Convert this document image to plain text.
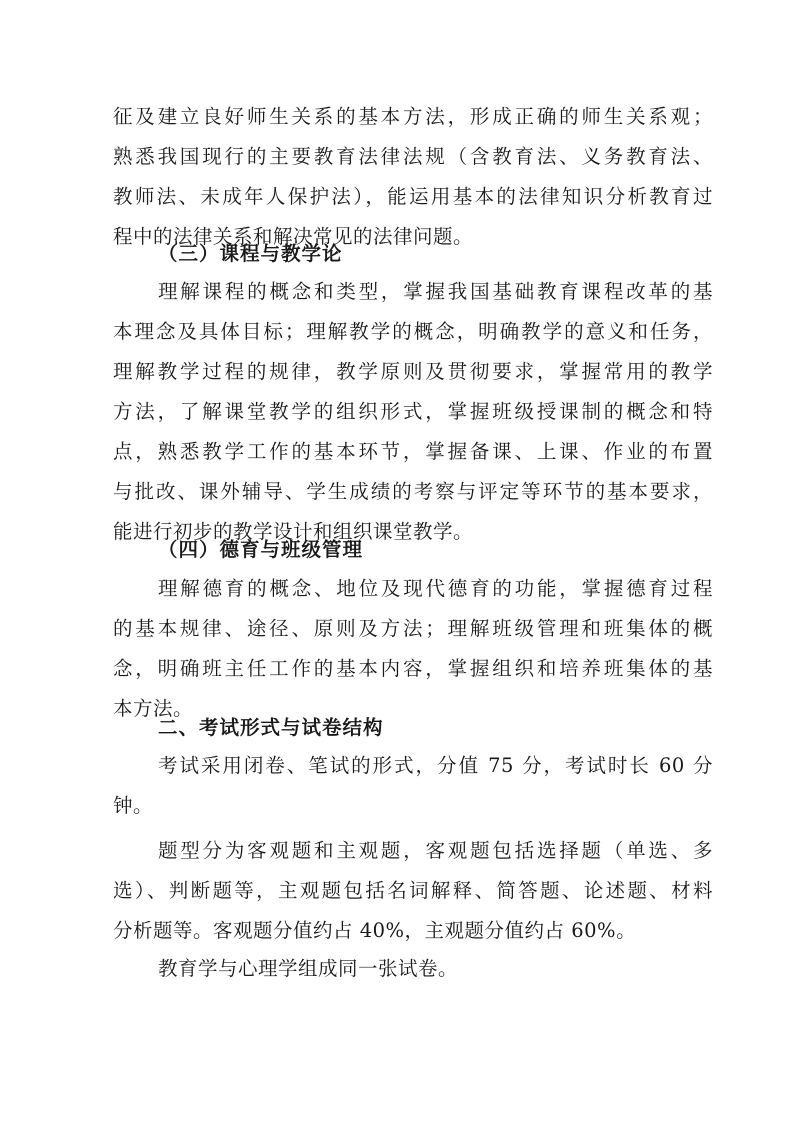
征及建立良好师生关系的基本方法，形成正确的师生关系观；
熟悉我国现行的主要教育法律法规（含教育法、义务教育法、
教师法、未成年人保护法），能运用基本的法律知识分析教育过
程中的法律关系和解决常见的法律问题。
（三）课程与教学论
理解课程的概念和类型，掌握我国基础教育课程改革的基
本理念及具体目标；理解教学的概念，明确教学的意义和任务，
理解教学过程的规律，教学原则及贯彻要求，掌握常用的教学
方法，了解课堂教学的组织形式，掌握班级授课制的概念和特
点，熟悉教学工作的基本环节，掌握备课、上课、作业的布置
与批改、课外辅导、学生成绩的考察与评定等环节的基本要求，
能进行初步的教学设计和组织课堂教学。
（四）德育与班级管理
理解德育的概念、地位及现代德育的功能，掌握德育过程
的基本规律、途径、原则及方法；理解班级管理和班集体的概
念，明确班主任工作的基本内容，掌握组织和培养班集体的基
本方法。
二、考试形式与试卷结构
考试采用闭卷、笔试的形式，分值 75 分，考试时长 60 分
钟。
题型分为客观题和主观题，客观题包括选择题（单选、多
选）、判断题等，主观题包括名词解释、简答题、论述题、材料
分析题等。客观题分值约占 40%，主观题分值约占 60%。
教育学与心理学组成同一张试卷。
